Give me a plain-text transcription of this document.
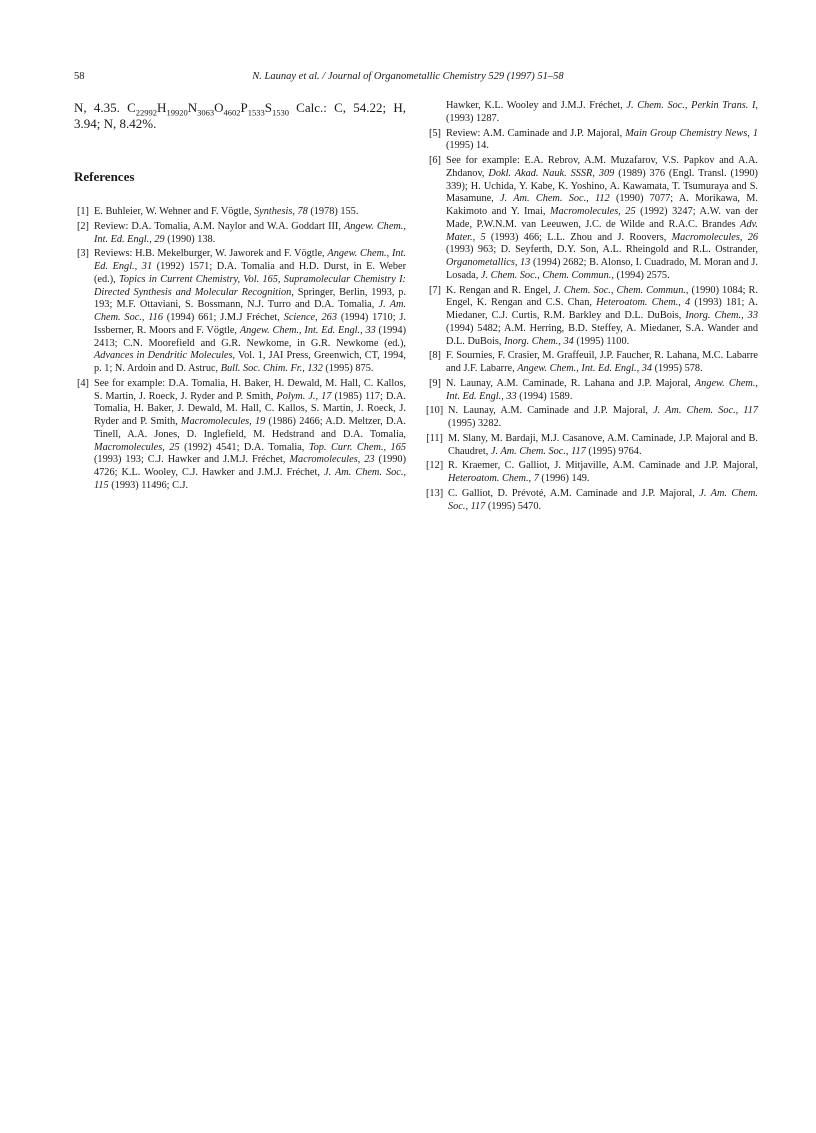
58	N. Launay et al. / Journal of Organometallic Chemistry 529 (1997) 51–58
N, 4.35. $C_{22992}H_{19920}N_{3063}O_{4602}P_{1533}S_{1530}$ Calc.: C, 54.22; H, 3.94; N, 8.42%.
References
[1] E. Buhleier, W. Wehner and F. Vögtle, Synthesis, 78 (1978) 155.
[2] Review: D.A. Tomalia, A.M. Naylor and W.A. Goddart III, Angew. Chem., Int. Ed. Engl., 29 (1990) 138.
[3] Reviews: H.B. Mekelburger, W. Jaworek and F. Vögtle, Angew. Chem., Int. Ed. Engl., 31 (1992) 1571; D.A. Tomalia and H.D. Durst, in E. Weber (ed.), Topics in Current Chemistry, Vol. 165, Supramolecular Chemistry I: Directed Synthesis and Molecular Recognition, Springer, Berlin, 1993, p. 193; M.F. Ottaviani, S. Bossmann, N.J. Turro and D.A. Tomalia, J. Am. Chem. Soc., 116 (1994) 661; J.M.J Fréchet, Science, 263 (1994) 1710; J. Issberner, R. Moors and F. Vögtle, Angew. Chem., Int. Ed. Engl., 33 (1994) 2413; C.N. Moorefield and G.R. Newkome, in G.R. Newkome (ed.), Advances in Dendritic Molecules, Vol. 1, JAI Press, Greenwich, CT, 1994, p. 1; N. Ardoin and D. Astruc, Bull. Soc. Chim. Fr., 132 (1995) 875.
[4] See for example: D.A. Tomalia, H. Baker, H. Dewald, M. Hall, C. Kallos, S. Martin, J. Roeck, J. Ryder and P. Smith, Polym. J., 17 (1985) 117; D.A. Tomalia, H. Baker, J. Dewald, M. Hall, C. Kallos, S. Martin, J. Roeck, J. Ryder and P. Smith, Macromolecules, 19 (1986) 2466; A.D. Meltzer, D.A. Tinell, A.A. Jones, D. Inglefield, M. Hedstrand and D.A. Tomalia, Macromolecules, 25 (1992) 4541; D.A. Tomalia, Top. Curr. Chem., 165 (1993) 193; C.J. Hawker and J.M.J. Fréchet, Macromolecules, 23 (1990) 4726; K.L. Wooley, C.J. Hawker and J.M.J. Fréchet, J. Am. Chem. Soc., 115 (1993) 11496; C.J.
Hawker, K.L. Wooley and J.M.J. Fréchet, J. Chem. Soc., Perkin Trans. I, (1993) 1287.
[5] Review: A.M. Caminade and J.P. Majoral, Main Group Chemistry News, 1 (1995) 14.
[6] See for example: E.A. Rebrov, A.M. Muzafarov, V.S. Papkov and A.A. Zhdanov, Dokl. Akad. Nauk. SSSR, 309 (1989) 376 (Engl. Transl. (1990) 339); H. Uchida, Y. Kabe, K. Yoshino, A. Kawamata, T. Tsumuraya and S. Masamune, J. Am. Chem. Soc., 112 (1990) 7077; A. Morikawa, M. Kakimoto and Y. Imai, Macromolecules, 25 (1992) 3247; A.W. van der Made, P.W.N.M. van Leeuwen, J.C. de Wilde and R.A.C. Brandes Adv. Mater., 5 (1993) 466; L.L. Zhou and J. Roovers, Macromolecules, 26 (1993) 963; D. Seyferth, D.Y. Son, A.L. Rheingold and R.L. Ostrander, Organometallics, 13 (1994) 2682; B. Alonso, I. Cuadrado, M. Moran and J. Losada, J. Chem. Soc., Chem. Commun., (1994) 2575.
[7] K. Rengan and R. Engel, J. Chem. Soc., Chem. Commun., (1990) 1084; R. Engel, K. Rengan and C.S. Chan, Heteroatom. Chem., 4 (1993) 181; A. Miedaner, C.J. Curtis, R.M. Barkley and D.L. DuBois, Inorg. Chem., 33 (1994) 5482; A.M. Herring, B.D. Steffey, A. Miedaner, S.A. Wander and D.L. DuBois, Inorg. Chem., 34 (1995) 1100.
[8] F. Sournies, F. Crasier, M. Graffeuil, J.P. Faucher, R. Lahana, M.C. Labarre and J.F. Labarre, Angew. Chem., Int. Ed. Engl., 34 (1995) 578.
[9] N. Launay, A.M. Caminade, R. Lahana and J.P. Majoral, Angew. Chem., Int. Ed. Engl., 33 (1994) 1589.
[10] N. Launay, A.M. Caminade and J.P. Majoral, J. Am. Chem. Soc., 117 (1995) 3282.
[11] M. Slany, M. Bardaji, M.J. Casanove, A.M. Caminade, J.P. Majoral and B. Chaudret, J. Am. Chem. Soc., 117 (1995) 9764.
[12] R. Kraemer, C. Galliot, J. Mitjaville, A.M. Caminade and J.P. Majoral, Heteroatom. Chem., 7 (1996) 149.
[13] C. Galliot, D. Prévoté, A.M. Caminade and J.P. Majoral, J. Am. Chem. Soc., 117 (1995) 5470.
